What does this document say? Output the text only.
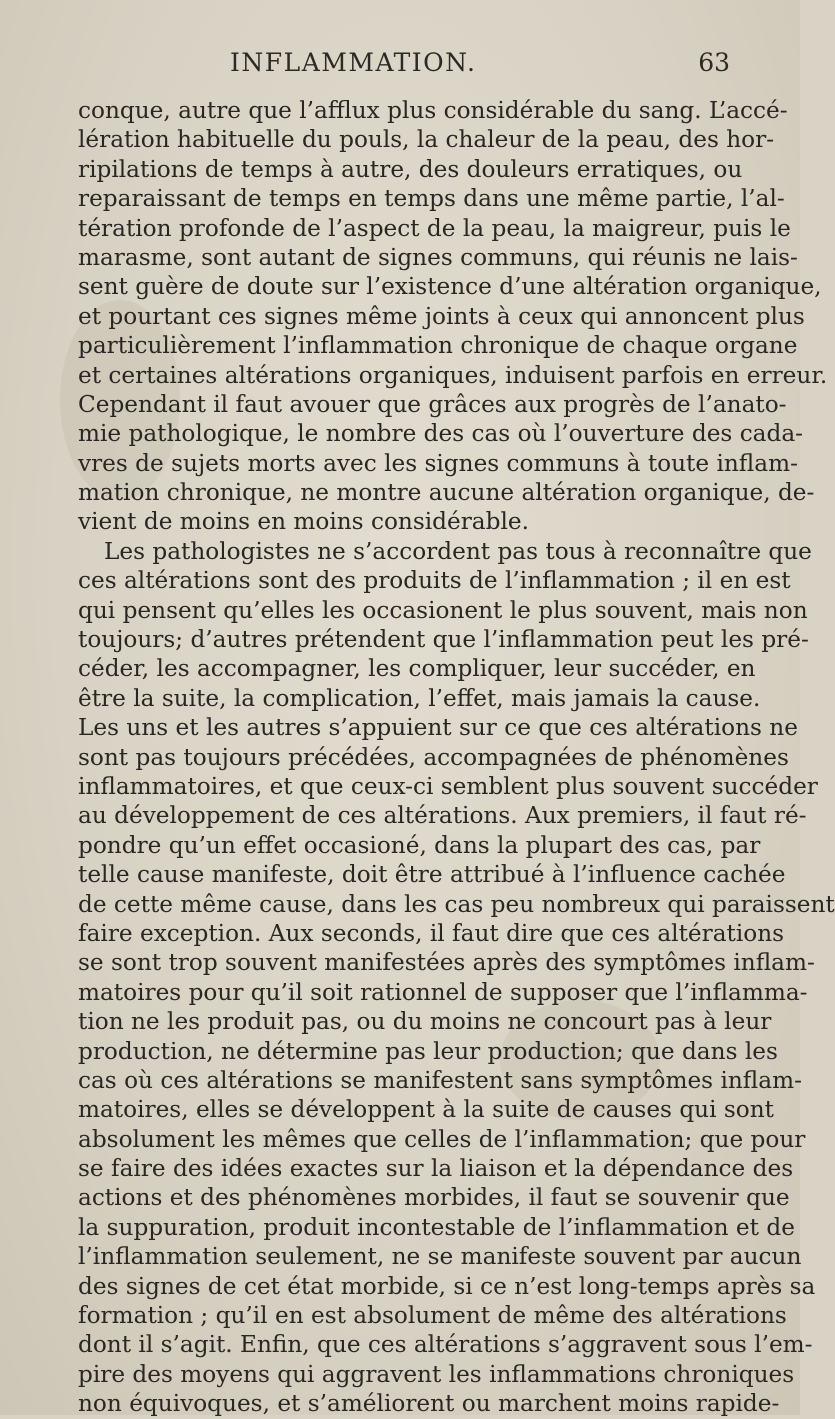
INFLAMMATION.	63
conque, autre que l’afflux plus considérable du sang. L’accé-
lération habituelle du pouls, la chaleur de la peau, des hor-
ripilations de temps à autre, des douleurs erratiques, ou
reparaissant de temps en temps dans une même partie, l’al-
tération profonde de l’aspect de la peau, la maigreur, puis le
marasme, sont autant de signes communs, qui réunis ne lais-
sent guère de doute sur l’existence d’une altération organique,
et pourtant ces signes même joints à ceux qui annoncent plus
particulièrement l’inflammation chronique de chaque organe
et certaines altérations organiques, induisent parfois en erreur.
Cependant il faut avouer que grâces aux progrès de l’anato-
mie pathologique, le nombre des cas où l’ouverture des cada-
vres de sujets morts avec les signes communs à toute inflam-
mation chronique, ne montre aucune altération organique, de-
vient de moins en moins considérable.
Les pathologistes ne s’accordent pas tous à reconnaître que
ces altérations sont des produits de l’inflammation ; il en est
qui pensent qu’elles les occasionent le plus souvent, mais non
toujours; d’autres prétendent que l’inflammation peut les pré-
céder, les accompagner, les compliquer, leur succéder, en
être la suite, la complication, l’effet, mais jamais la cause.
Les uns et les autres s’appuient sur ce que ces altérations ne
sont pas toujours précédées, accompagnées de phénomènes
inflammatoires, et que ceux-ci semblent plus souvent succéder
au développement de ces altérations. Aux premiers, il faut ré-
pondre qu’un effet occasioné, dans la plupart des cas, par
telle cause manifeste, doit être attribué à l’influence cachée
de cette même cause, dans les cas peu nombreux qui paraissent
faire exception. Aux seconds, il faut dire que ces altérations
se sont trop souvent manifestées après des symptômes inflam-
matoires pour qu’il soit rationnel de supposer que l’inflamma-
tion ne les produit pas, ou du moins ne concourt pas à leur
production, ne détermine pas leur production; que dans les
cas où ces altérations se manifestent sans symptômes inflam-
matoires, elles se développent à la suite de causes qui sont
absolument les mêmes que celles de l’inflammation; que pour
se faire des idées exactes sur la liaison et la dépendance des
actions et des phénomènes morbides, il faut se souvenir que
la suppuration, produit incontestable de l’inflammation et de
l’inflammation seulement, ne se manifeste souvent par aucun
des signes de cet état morbide, si ce n’est long-temps après sa
formation ; qu’il en est absolument de même des altérations
dont il s’agit. Enfin, que ces altérations s’aggravent sous l’em-
pire des moyens qui aggravent les inflammations chroniques
non équivoques, et s’améliorent ou marchent moins rapide-
